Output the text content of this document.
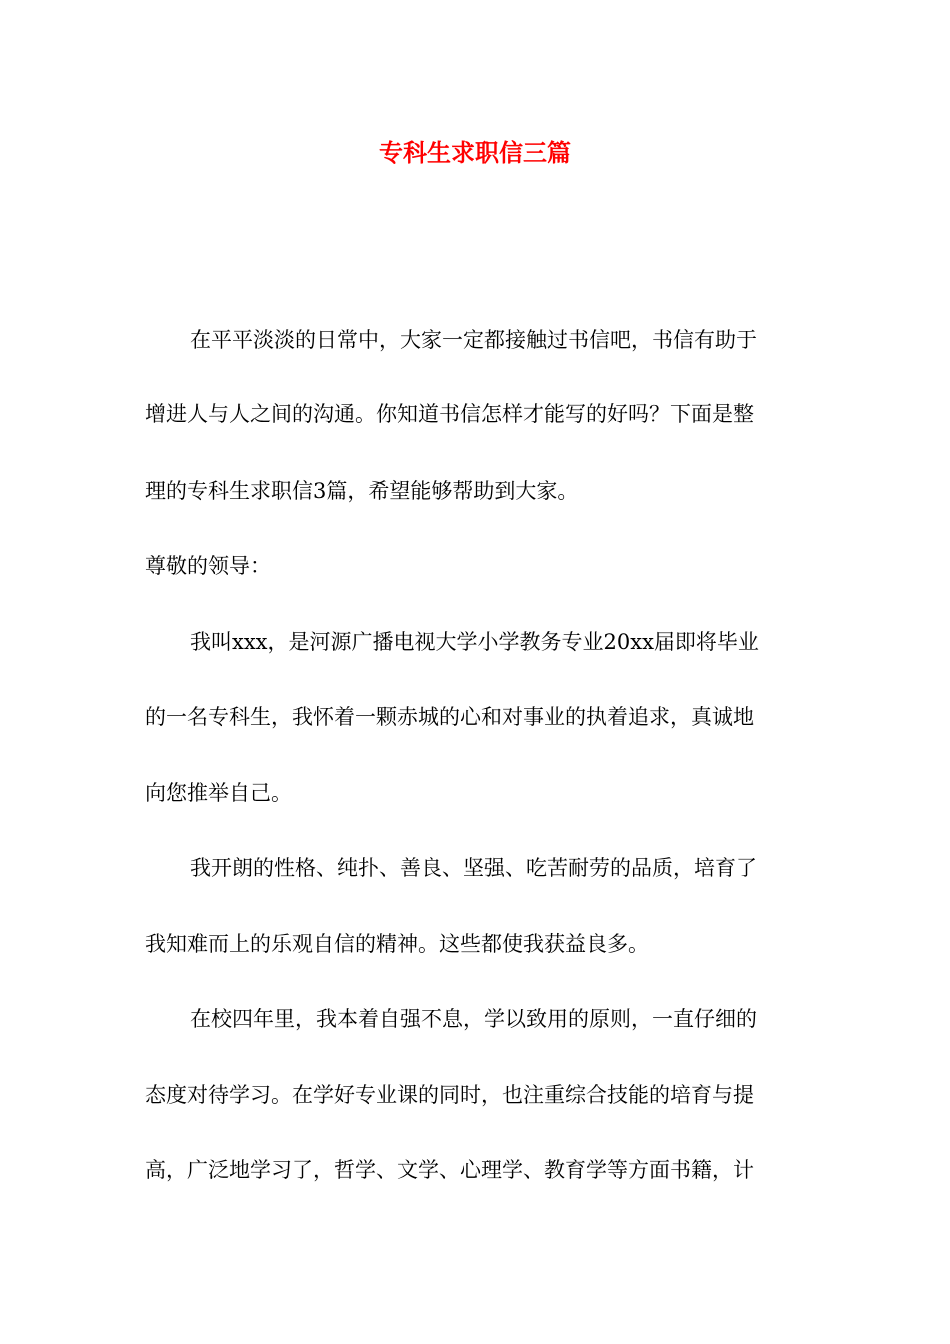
专科生求职信三篇

在平平淡淡的日常中，大家一定都接触过书信吧，书信有助于

增进人与人之间的沟通。你知道书信怎样才能写的好吗？下面是整

理的专科生求职信3篇，希望能够帮助到大家。

尊敬的领导：

我叫xxx，是河源广播电视大学小学教务专业20xx届即将毕业

的一名专科生，我怀着一颗赤城的心和对事业的执着追求，真诚地

向您推举自己。

我开朗的性格、纯扑、善良、坚强、吃苦耐劳的品质，培育了

我知难而上的乐观自信的精神。这些都使我获益良多。

在校四年里，我本着自强不息，学以致用的原则，一直仔细的

态度对待学习。在学好专业课的同时，也注重综合技能的培育与提

高，广泛地学习了，哲学、文学、心理学、教育学等方面书籍，计
